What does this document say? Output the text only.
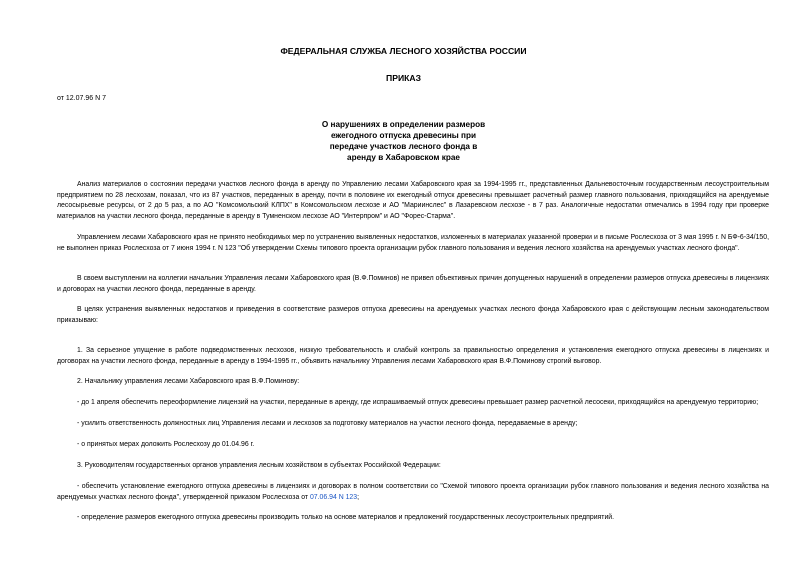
ФЕДЕРАЛЬНАЯ СЛУЖБА ЛЕСНОГО ХОЗЯЙСТВА РОССИИ
ПРИКАЗ
от 12.07.96 N 7
О нарушениях в определении размеров
ежегодного отпуска древесины при
передаче участков лесного фонда в
аренду в Хабаровском крае
Анализ материалов о состоянии передачи участков лесного фонда в аренду по Управлению лесами Хабаровского края за 1994-1995 гг., представленных Дальневосточным государственным лесоустроительным предприятием по 28 лесхозам, показал, что из 87 участков, переданных в аренду, почти в половине их ежегодный отпуск древесины превышает расчетный размер главного пользования, приходящийся на арендуемые лесосырьевые ресурсы, от 2 до 5 раз, а по АО "Комсомольский КЛПХ" в Комсомольском лесхозе и АО "Мариинслес" в Лазаревском лесхозе - в 7 раз. Аналогичные недостатки отмечались в 1994 году при проверке материалов на участки лесного фонда, переданные в аренду в Тумненском лесхозе АО "Интерпром" и АО "Форес-Старма".
Управлением лесами Хабаровского края не принято необходимых мер по устранению выявленных недостатков, изложенных в материалах указанной проверки и в письме Рослесхоза от 3 мая 1995 г. N БФ-6-34/150, не выполнен приказ Рослесхоза от 7 июня 1994 г. N 123 "Об утверждении Схемы типового проекта организации рубок главного пользования и ведения лесного хозяйства на арендуемых участках лесного фонда".
В своем выступлении на коллегии начальник Управления лесами Хабаровского края (В.Ф.Поминов) не привел объективных причин допущенных нарушений в определении размеров отпуска древесины в лицензиях и договорах на участки лесного фонда, переданные в аренду.
В целях устранения выявленных недостатков и приведения в соответствие размеров отпуска древесины на арендуемых участках лесного фонда Хабаровского края с действующим лесным законодательством приказываю:
1. За серьезное упущение в работе подведомственных лесхозов, низкую требовательность и слабый контроль за правильностью определения и установления ежегодного отпуска древесины в лицензиях и договорах на участки лесного фонда, переданные в аренду в 1994-1995 гг., объявить начальнику Управления лесами Хабаровского края В.Ф.Поминову строгий выговор.
2. Начальнику управления лесами Хабаровского края В.Ф.Поминову:
- до 1 апреля обеспечить переоформление лицензий на участки, переданные в аренду, где испрашиваемый отпуск древесины превышает размер расчетной лесосеки, приходящийся на арендуемую территорию;
- усилить ответственность должностных лиц Управления лесами и лесхозов за подготовку материалов на участки лесного фонда, передаваемые в аренду;
- о принятых мерах доложить Рослесхозу до 01.04.96 г.
3. Руководителям государственных органов управления лесным хозяйством в субъектах Российской Федерации:
- обеспечить установление ежегодного отпуска древесины в лицензиях и договорах в полном соответствии со "Схемой типового проекта организации рубок главного пользования и ведения лесного хозяйства на арендуемых участках лесного фонда", утвержденной приказом Рослесхоза от 07.06.94 N 123;
- определение размеров ежегодного отпуска древесины производить только на основе материалов и предложений государственных лесоустроительных предприятий.
